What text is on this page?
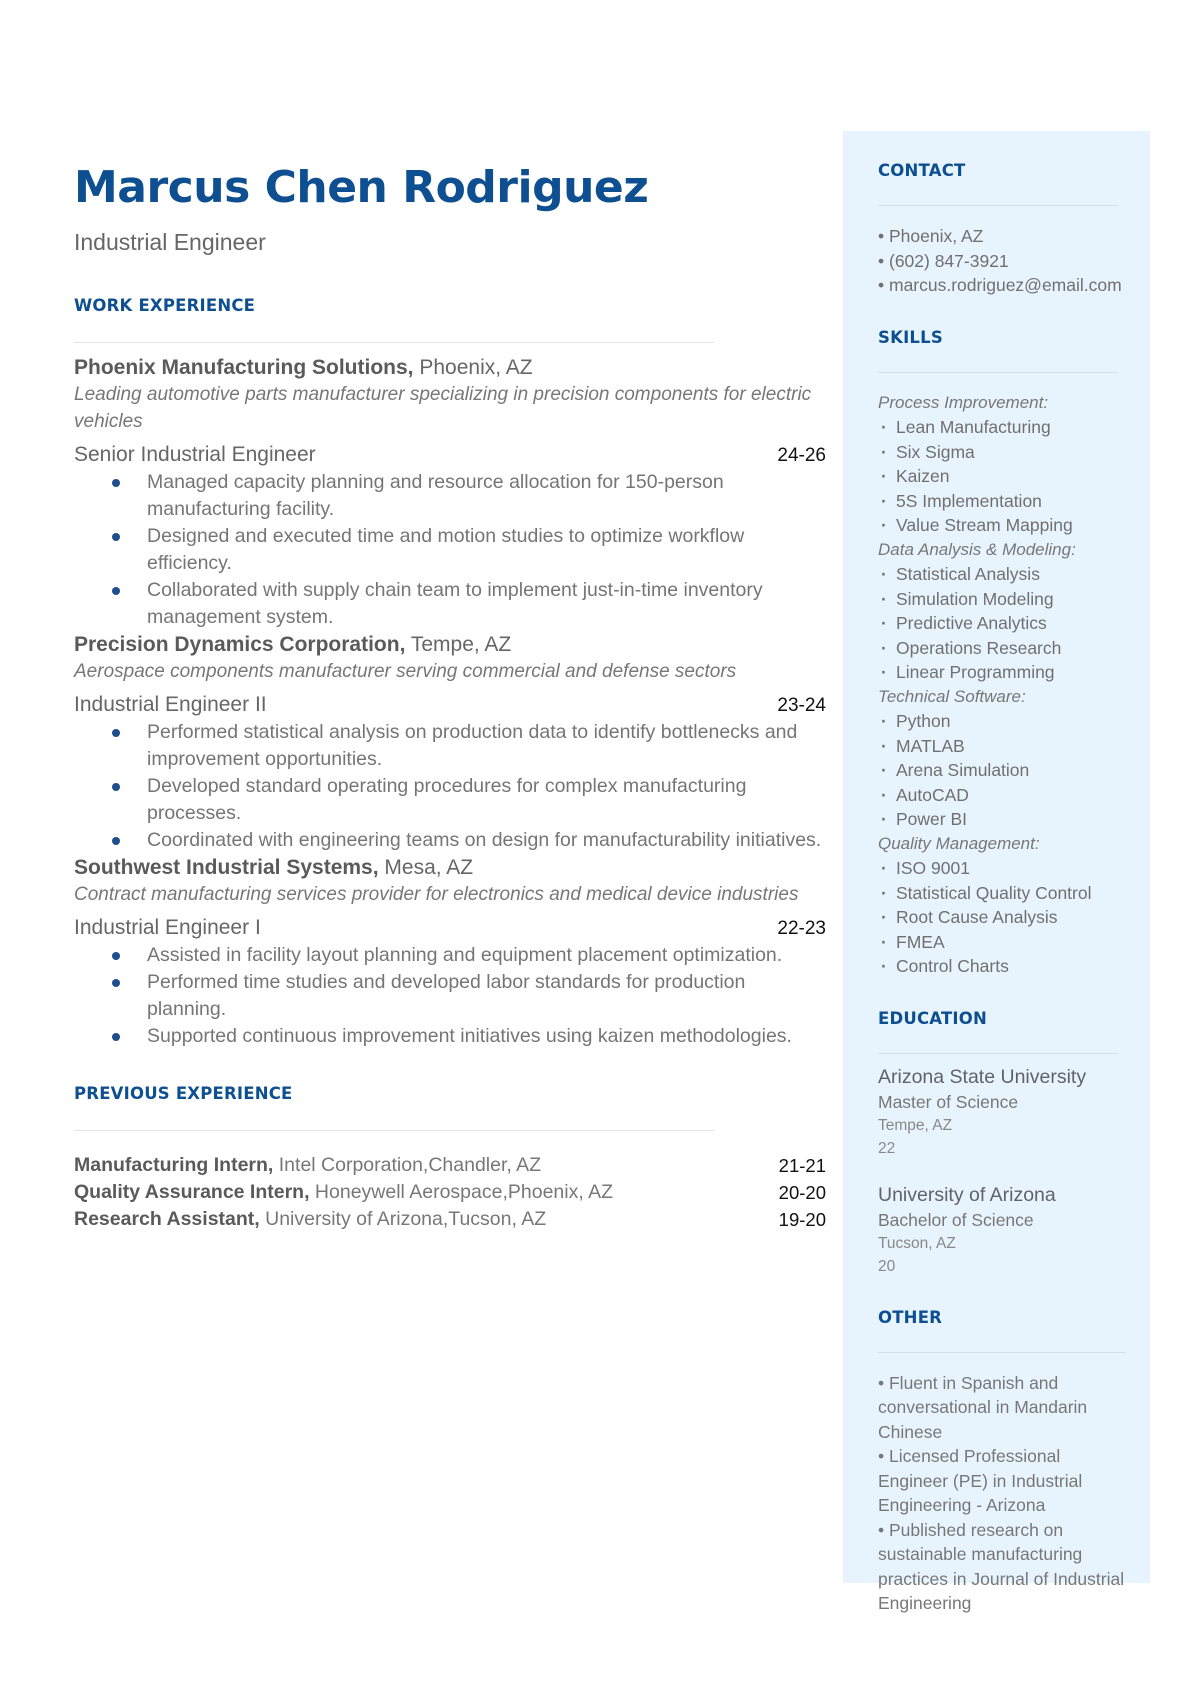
Marcus Chen Rodriguez
Industrial Engineer
WORK EXPERIENCE
Phoenix Manufacturing Solutions, Phoenix, AZ
Leading automotive parts manufacturer specializing in precision components for electric vehicles
Senior Industrial Engineer	24-26
Managed capacity planning and resource allocation for 150-person manufacturing facility.
Designed and executed time and motion studies to optimize workflow efficiency.
Collaborated with supply chain team to implement just-in-time inventory management system.
Precision Dynamics Corporation, Tempe, AZ
Aerospace components manufacturer serving commercial and defense sectors
Industrial Engineer II	23-24
Performed statistical analysis on production data to identify bottlenecks and improvement opportunities.
Developed standard operating procedures for complex manufacturing processes.
Coordinated with engineering teams on design for manufacturability initiatives.
Southwest Industrial Systems, Mesa, AZ
Contract manufacturing services provider for electronics and medical device industries
Industrial Engineer I	22-23
Assisted in facility layout planning and equipment placement optimization.
Performed time studies and developed labor standards for production planning.
Supported continuous improvement initiatives using kaizen methodologies.
PREVIOUS EXPERIENCE
Manufacturing Intern, Intel Corporation,Chandler, AZ	21-21
Quality Assurance Intern, Honeywell Aerospace,Phoenix, AZ	20-20
Research Assistant, University of Arizona,Tucson, AZ	19-20
CONTACT
• Phoenix, AZ
• (602) 847-3921
• marcus.rodriguez@email.com
SKILLS
Process Improvement:
· Lean Manufacturing
· Six Sigma
· Kaizen
· 5S Implementation
· Value Stream Mapping
Data Analysis & Modeling:
· Statistical Analysis
· Simulation Modeling
· Predictive Analytics
· Operations Research
· Linear Programming
Technical Software:
· Python
· MATLAB
· Arena Simulation
· AutoCAD
· Power BI
Quality Management:
· ISO 9001
· Statistical Quality Control
· Root Cause Analysis
· FMEA
· Control Charts
EDUCATION
Arizona State University
Master of Science
Tempe, AZ
22
University of Arizona
Bachelor of Science
Tucson, AZ
20
OTHER
• Fluent in Spanish and conversational in Mandarin Chinese
• Licensed Professional Engineer (PE) in Industrial Engineering - Arizona
• Published research on sustainable manufacturing practices in Journal of Industrial Engineering
